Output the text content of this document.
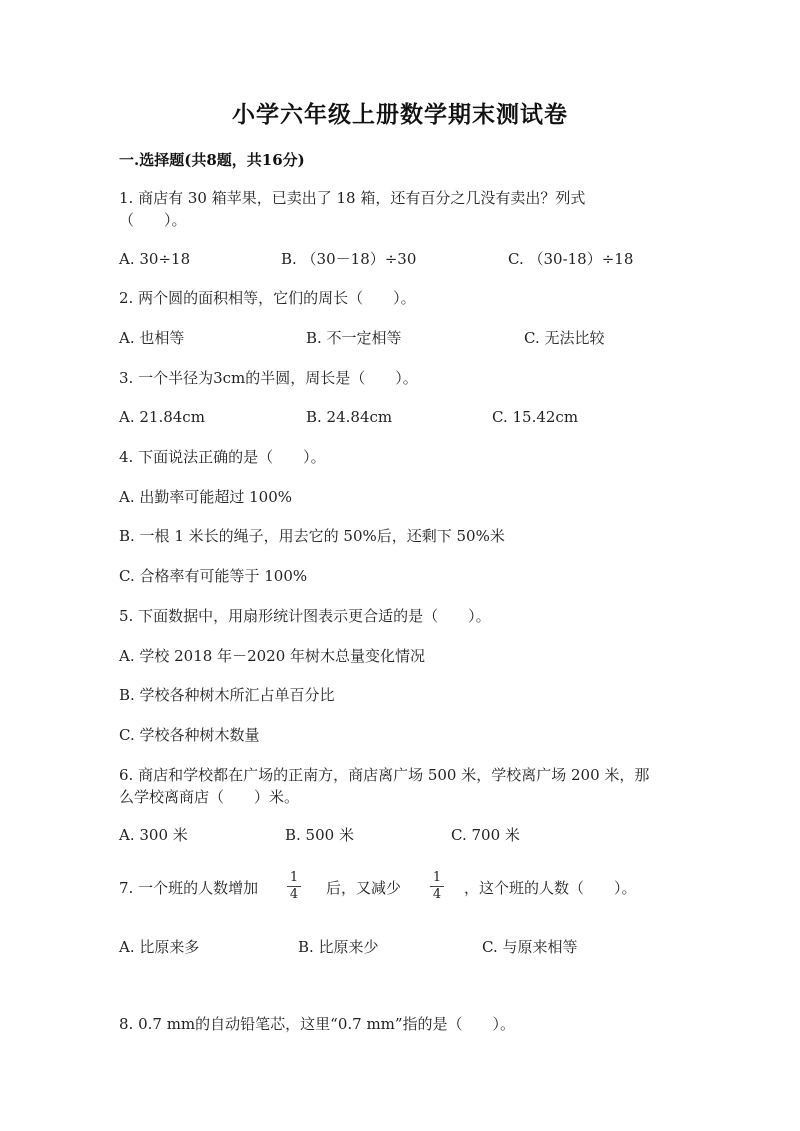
小学六年级上册数学期末测试卷
一.选择题(共8题，共16分)
1. 商店有 30 箱苹果，已卖出了 18 箱，还有百分之几没有卖出？列式
（　　）。
A. 30÷18	B. （30－18）÷30	C. （30-18）÷18
2. 两个圆的面积相等，它们的周长（　　）。
A. 也相等	B. 不一定相等	C. 无法比较
3. 一个半径为3cm的半圆，周长是（　　）。
A. 21.84cm	B. 24.84cm	C. 15.42cm
4. 下面说法正确的是（　　）。
A. 出勤率可能超过 100%
B. 一根 1 米长的绳子，用去它的 50%后，还剩下 50%米
C. 合格率有可能等于 100%
5. 下面数据中，用扇形统计图表示更合适的是（　　）。
A. 学校 2018 年－2020 年树木总量变化情况
B. 学校各种树木所汇占单百分比
C. 学校各种树木数量
6. 商店和学校都在广场的正南方，商店离广场 500 米，学校离广场 200 米，那
么学校离商店（　　）米。
A. 300 米	B. 500 米	C. 700 米
7. 一个班的人数增加
1
4 后，又减少
1
4 ，这个班的人数（　　）。
A. 比原来多	B. 比原来少	C. 与原来相等
8. 0.7 mm的自动铅笔芯，这里“0.7 mm”指的是（　　）。
